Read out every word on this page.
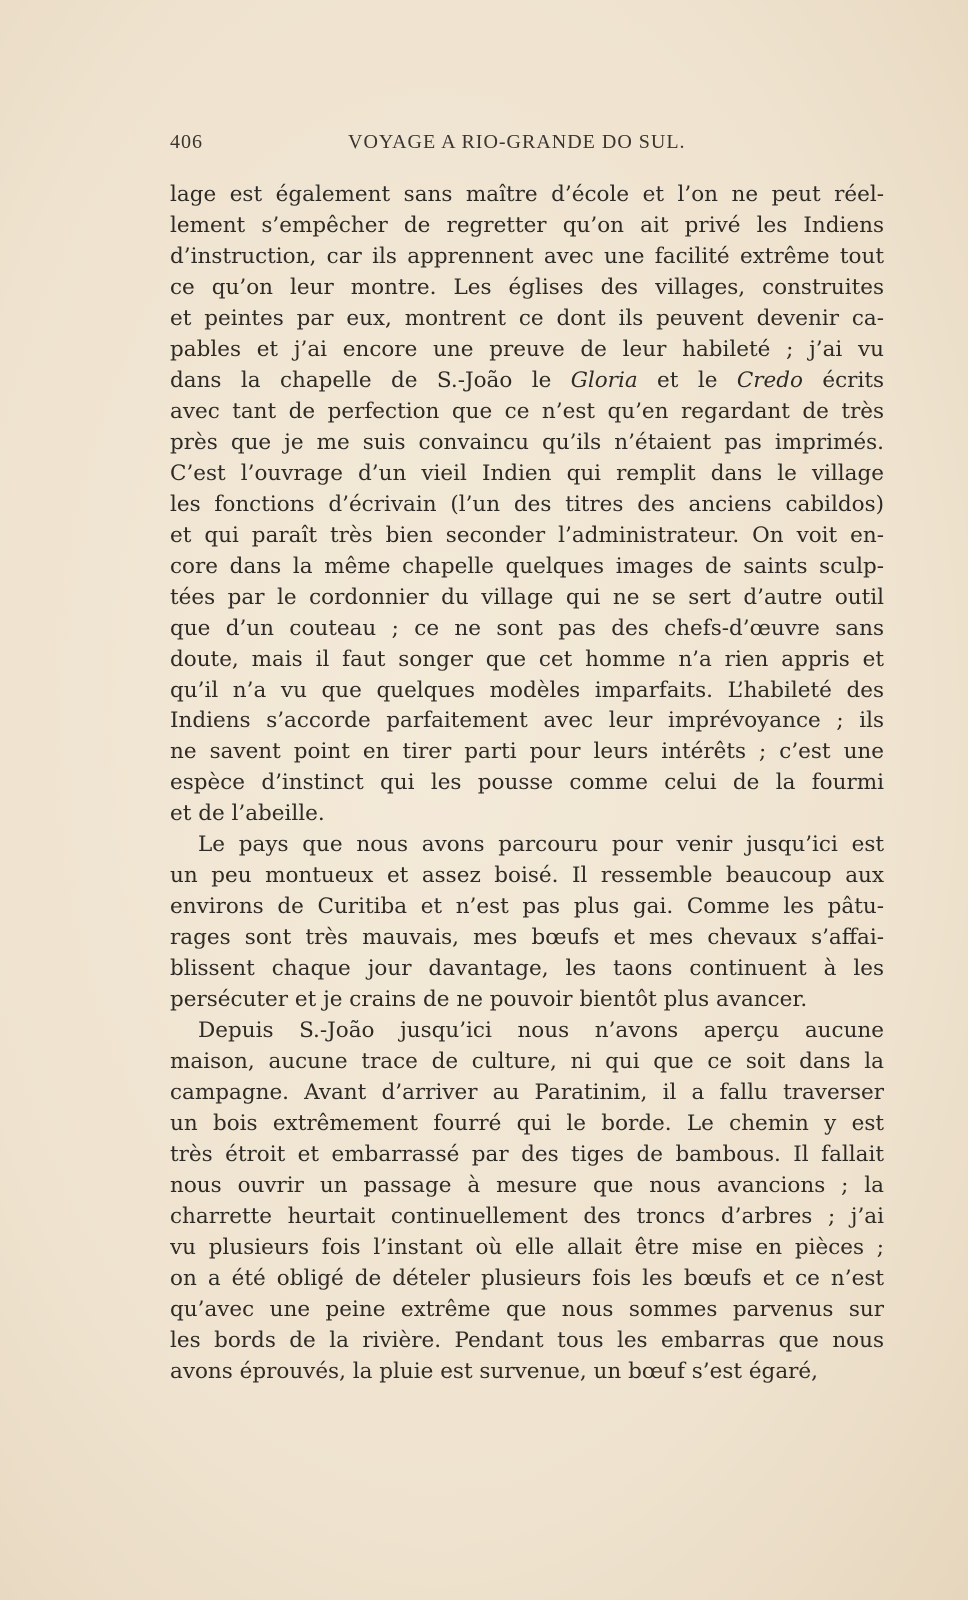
406	VOYAGE A RIO-GRANDE DO SUL.
lage est également sans maître d’école et l’on ne peut réel-
lement s’empêcher de regretter qu’on ait privé les Indiens
d’instruction, car ils apprennent avec une facilité extrême tout
ce qu’on leur montre. Les églises des villages, construites
et peintes par eux, montrent ce dont ils peuvent devenir ca-
pables et j’ai encore une preuve de leur habileté ; j’ai vu
dans la chapelle de S.-João le Gloria et le Credo écrits
avec tant de perfection que ce n’est qu’en regardant de très
près que je me suis convaincu qu’ils n’étaient pas imprimés.
C’est l’ouvrage d’un vieil Indien qui remplit dans le village
les fonctions d’écrivain (l’un des titres des anciens cabildos)
et qui paraît très bien seconder l’administrateur. On voit en-
core dans la même chapelle quelques images de saints sculp-
tées par le cordonnier du village qui ne se sert d’autre outil
que d’un couteau ; ce ne sont pas des chefs-d’œuvre sans
doute, mais il faut songer que cet homme n’a rien appris et
qu’il n’a vu que quelques modèles imparfaits. L’habileté des
Indiens s’accorde parfaitement avec leur imprévoyance ; ils
ne savent point en tirer parti pour leurs intérêts ; c’est une
espèce d’instinct qui les pousse comme celui de la fourmi
et de l’abeille.
Le pays que nous avons parcouru pour venir jusqu’ici est
un peu montueux et assez boisé. Il ressemble beaucoup aux
environs de Curitiba et n’est pas plus gai. Comme les pâtu-
rages sont très mauvais, mes bœufs et mes chevaux s’affai-
blissent chaque jour davantage, les taons continuent à les
persécuter et je crains de ne pouvoir bientôt plus avancer.
Depuis S.-João jusqu’ici nous n’avons aperçu aucune
maison, aucune trace de culture, ni qui que ce soit dans la
campagne. Avant d’arriver au Paratinim, il a fallu traverser
un bois extrêmement fourré qui le borde. Le chemin y est
très étroit et embarrassé par des tiges de bambous. Il fallait
nous ouvrir un passage à mesure que nous avancions ; la
charrette heurtait continuellement des troncs d’arbres ; j’ai
vu plusieurs fois l’instant où elle allait être mise en pièces ;
on a été obligé de dételer plusieurs fois les bœufs et ce n’est
qu’avec une peine extrême que nous sommes parvenus sur
les bords de la rivière. Pendant tous les embarras que nous
avons éprouvés, la pluie est survenue, un bœuf s’est égaré,
